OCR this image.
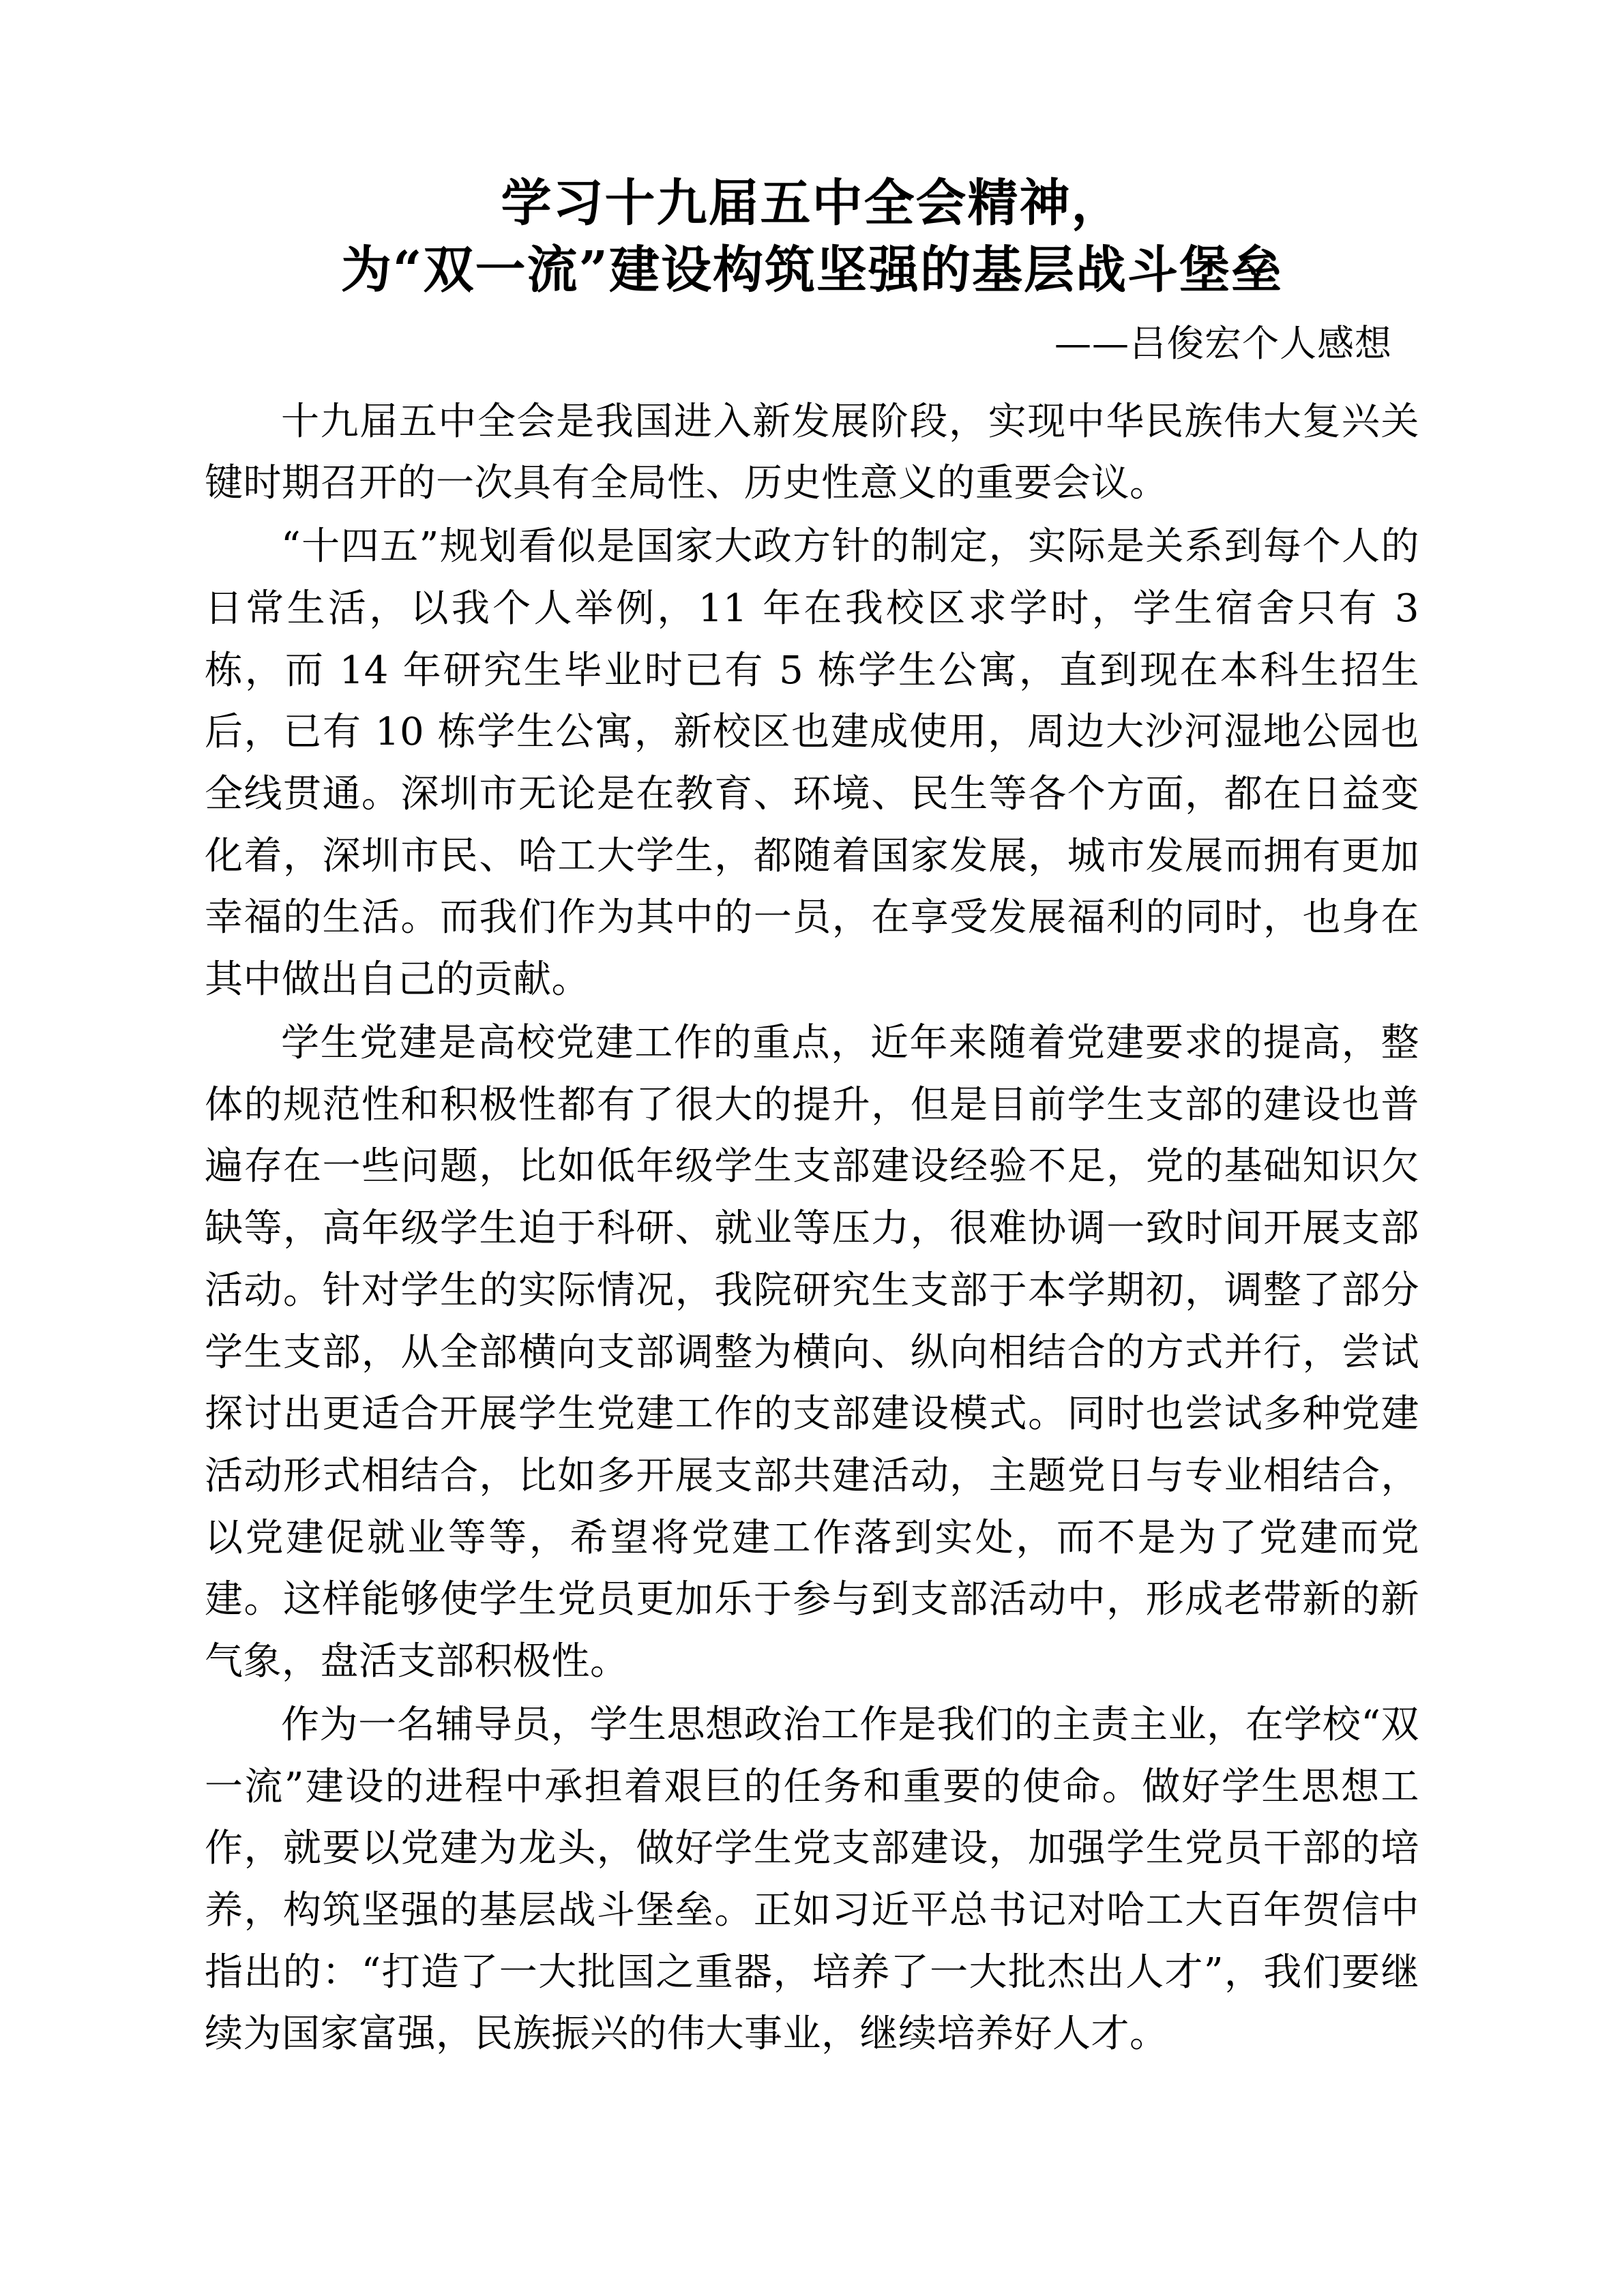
学习十九届五中全会精神，
为“双一流”建设构筑坚强的基层战斗堡垒
——吕俊宏个人感想

十九届五中全会是我国进入新发展阶段，实现中华民族伟大复兴关键时期召开的一次具有全局性、历史性意义的重要会议。

“十四五”规划看似是国家大政方针的制定，实际是关系到每个人的日常生活，以我个人举例，11 年在我校区求学时，学生宿舍只有 3 栋，而 14 年研究生毕业时已有 5 栋学生公寓，直到现在本科生招生后，已有 10 栋学生公寓，新校区也建成使用，周边大沙河湿地公园也全线贯通。深圳市无论是在教育、环境、民生等各个方面，都在日益变化着，深圳市民、哈工大学生，都随着国家发展，城市发展而拥有更加幸福的生活。而我们作为其中的一员，在享受发展福利的同时，也身在其中做出自己的贡献。

学生党建是高校党建工作的重点，近年来随着党建要求的提高，整体的规范性和积极性都有了很大的提升，但是目前学生支部的建设也普遍存在一些问题，比如低年级学生支部建设经验不足，党的基础知识欠缺等，高年级学生迫于科研、就业等压力，很难协调一致时间开展支部活动。针对学生的实际情况，我院研究生支部于本学期初，调整了部分学生支部，从全部横向支部调整为横向、纵向相结合的方式并行，尝试探讨出更适合开展学生党建工作的支部建设模式。同时也尝试多种党建活动形式相结合，比如多开展支部共建活动，主题党日与专业相结合，以党建促就业等等，希望将党建工作落到实处，而不是为了党建而党建。这样能够使学生党员更加乐于参与到支部活动中，形成老带新的新气象，盘活支部积极性。

作为一名辅导员，学生思想政治工作是我们的主责主业，在学校“双一流”建设的进程中承担着艰巨的任务和重要的使命。做好学生思想工作，就要以党建为龙头，做好学生党支部建设，加强学生党员干部的培养，构筑坚强的基层战斗堡垒。正如习近平总书记对哈工大百年贺信中指出的：“打造了一大批国之重器，培养了一大批杰出人才”，我们要继续为国家富强，民族振兴的伟大事业，继续培养好人才。
